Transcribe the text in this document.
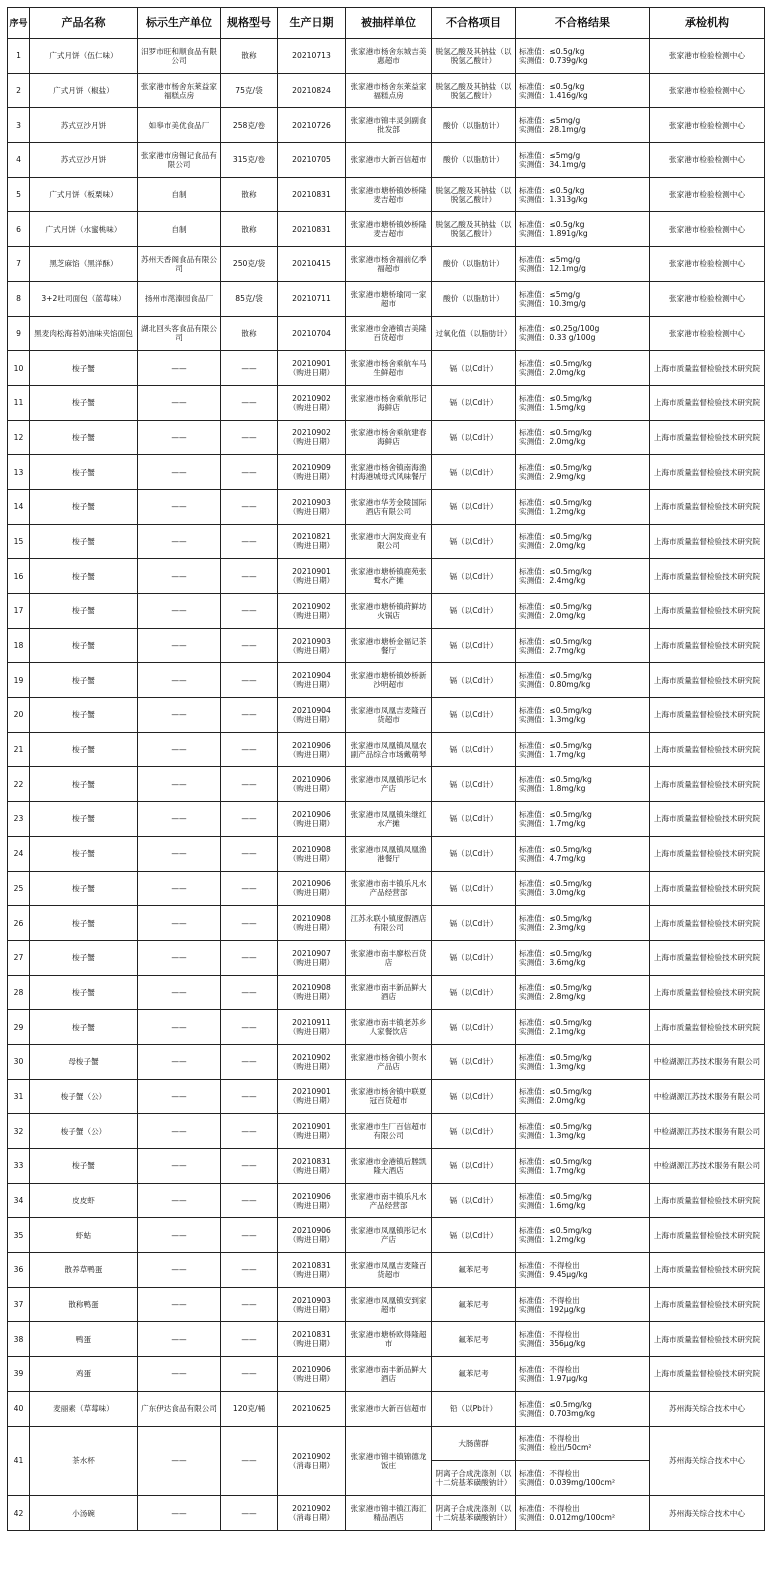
序号	产品名称	标示生产单位	规格型号	生产日期	被抽样单位	不合格项目	不合格结果	承检机构
1	广式月饼（伍仁味）	汨罗市旺和顺食品有限公司	散称	20210713	张家港市杨舍东城吉美惠超市	脱氢乙酸及其钠盐（以脱氢乙酸计）	标准值：≤0.5g/kg
实测值：0.739g/kg	张家港市检验检测中心
2	广式月饼（椒盐）	张家港市杨舍东莱益家福糕点房	75克/袋	20210824	张家港市杨舍东莱益家福糕点房	脱氢乙酸及其钠盐（以脱氢乙酸计）	标准值：≤0.5g/kg
实测值：1.416g/kg	张家港市检验检测中心
3	苏式豆沙月饼	如皋市美优食品厂	258克/卷	20210726	张家港市锦丰灵剑副食批发部	酸价（以脂肪计）	标准值：≤5mg/g
实测值：28.1mg/g	张家港市检验检测中心
4	苏式豆沙月饼	张家港市房锡记食品有限公司	315克/卷	20210705	张家港市大新百信超市	酸价（以脂肪计）	标准值：≤5mg/g
实测值：34.1mg/g	张家港市检验检测中心
5	广式月饼（板栗味）	自制	散称	20210831	张家港市塘桥镇妙桥隆麦吉超市	脱氢乙酸及其钠盐（以脱氢乙酸计）	标准值：≤0.5g/kg
实测值：1.313g/kg	张家港市检验检测中心
6	广式月饼（水蜜桃味）	自制	散称	20210831	张家港市塘桥镇妙桥隆麦吉超市	脱氢乙酸及其钠盐（以脱氢乙酸计）	标准值：≤0.5g/kg
实测值：1.891g/kg	张家港市检验检测中心
7	黑芝麻馅（黑洋酥）	苏州天香阁食品有限公司	250克/袋	20210415	张家港市杨舍福前亿季福超市	酸价（以脂肪计）	标准值：≤5mg/g
实测值：12.1mg/g	张家港市检验检测中心
8	3+2吐司面包（蓝莓味）	扬州市滗溱园食品厂	85克/袋	20210711	张家港市塘桥瑜同一家超市	酸价（以脂肪计）	标准值：≤5mg/g
实测值：10.3mg/g	张家港市检验检测中心
9	黑麦肉松海苔奶油味夹馅面包	湖北回头客食品有限公司	散称	20210704	张家港市金港镇吉美隆百货超市	过氧化值（以脂肪计）	标准值：≤0.25g/100g
实测值：0.33 g/100g	张家港市检验检测中心
10	梭子蟹	——	——	20210901
（购进日期）	张家港市杨舍乘航车马生鲜超市	镉（以Cd计）	标准值：≤0.5mg/kg
实测值：2.0mg/kg	上海市质量监督检验技术研究院
11	梭子蟹	——	——	20210902
（购进日期）	张家港市杨舍乘航彤记海鲜店	镉（以Cd计）	标准值：≤0.5mg/kg
实测值：1.5mg/kg	上海市质量监督检验技术研究院
12	梭子蟹	——	——	20210902
（购进日期）	张家港市杨舍乘航建春海鲜店	镉（以Cd计）	标准值：≤0.5mg/kg
实测值：2.0mg/kg	上海市质量监督检验技术研究院
13	梭子蟹	——	——	20210909
（购进日期）	张家港市杨舍镇南海渔村海港城母式风味餐厅	镉（以Cd计）	标准值：≤0.5mg/kg
实测值：2.9mg/kg	上海市质量监督检验技术研究院
14	梭子蟹	——	——	20210903
（购进日期）	张家港市华芳金陵国际酒店有限公司	镉（以Cd计）	标准值：≤0.5mg/kg
实测值：1.2mg/kg	上海市质量监督检验技术研究院
15	梭子蟹	——	——	20210821
（购进日期）	张家港市大润发商业有限公司	镉（以Cd计）	标准值：≤0.5mg/kg
实测值：2.0mg/kg	上海市质量监督检验技术研究院
16	梭子蟹	——	——	20210901
（购进日期）	张家港市塘桥镇鹿苑张鹜水产摊	镉（以Cd计）	标准值：≤0.5mg/kg
实测值：2.4mg/kg	上海市质量监督检验技术研究院
17	梭子蟹	——	——	20210902
（购进日期）	张家港市塘桥镇莳鲜坊火锅店	镉（以Cd计）	标准值：≤0.5mg/kg
实测值：2.0mg/kg	上海市质量监督检验技术研究院
18	梭子蟹	——	——	20210903
（购进日期）	张家港市塘桥金福记茶餐厅	镉（以Cd计）	标准值：≤0.5mg/kg
实测值：2.7mg/kg	上海市质量监督检验技术研究院
19	梭子蟹	——	——	20210904
（购进日期）	张家港市塘桥镇妙桥新沙明超市	镉（以Cd计）	标准值：≤0.5mg/kg
实测值：0.80mg/kg	上海市质量监督检验技术研究院
20	梭子蟹	——	——	20210904
（购进日期）	张家港市凤凰吉麦隆百货超市	镉（以Cd计）	标准值：≤0.5mg/kg
实测值：1.3mg/kg	上海市质量监督检验技术研究院
21	梭子蟹	——	——	20210906
（购进日期）	张家港市凤凰镇凤凰农副产品综合市场戴萌琴	镉（以Cd计）	标准值：≤0.5mg/kg
实测值：1.7mg/kg	上海市质量监督检验技术研究院
22	梭子蟹	——	——	20210906
（购进日期）	张家港市凤凰镇彤记水产店	镉（以Cd计）	标准值：≤0.5mg/kg
实测值：1.8mg/kg	上海市质量监督检验技术研究院
23	梭子蟹	——	——	20210906
（购进日期）	张家港市凤凰镇朱继红水产摊	镉（以Cd计）	标准值：≤0.5mg/kg
实测值：1.7mg/kg	上海市质量监督检验技术研究院
24	梭子蟹	——	——	20210908
（购进日期）	张家港市凤凰镇凤凰渔港餐厅	镉（以Cd计）	标准值：≤0.5mg/kg
实测值：4.7mg/kg	上海市质量监督检验技术研究院
25	梭子蟹	——	——	20210906
（购进日期）	张家港市南丰镇乐凡水产品经营部	镉（以Cd计）	标准值：≤0.5mg/kg
实测值：3.0mg/kg	上海市质量监督检验技术研究院
26	梭子蟹	——	——	20210908
（购进日期）	江苏永联小镇度假酒店有限公司	镉（以Cd计）	标准值：≤0.5mg/kg
实测值：2.3mg/kg	上海市质量监督检验技术研究院
27	梭子蟹	——	——	20210907
（购进日期）	张家港市南丰廖松百货店	镉（以Cd计）	标准值：≤0.5mg/kg
实测值：3.6mg/kg	上海市质量监督检验技术研究院
28	梭子蟹	——	——	20210908
（购进日期）	张家港市南丰新品鲜大酒店	镉（以Cd计）	标准值：≤0.5mg/kg
实测值：2.8mg/kg	上海市质量监督检验技术研究院
29	梭子蟹	——	——	20210911
（购进日期）	张家港市南丰镇老苏乡人家餐饮店	镉（以Cd计）	标准值：≤0.5mg/kg
实测值：2.1mg/kg	上海市质量监督检验技术研究院
30	母梭子蟹	——	——	20210902
（购进日期）	张家港市杨舍镇小贺水产品店	镉（以Cd计）	标准值：≤0.5mg/kg
实测值：1.3mg/kg	中检湖源江苏技术服务有限公司
31	梭子蟹（公）	——	——	20210901
（购进日期）	张家港市杨舍镇中联夏冠百货超市	镉（以Cd计）	标准值：≤0.5mg/kg
实测值：2.0mg/kg	中检湖源江苏技术服务有限公司
32	梭子蟹（公）	——	——	20210901
（购进日期）	张家港市生厂百信超市有限公司	镉（以Cd计）	标准值：≤0.5mg/kg
实测值：1.3mg/kg	中检湖源江苏技术服务有限公司
33	梭子蟹	——	——	20210831
（购进日期）	张家港市金港镇后塍凯隆大酒店	镉（以Cd计）	标准值：≤0.5mg/kg
实测值：1.7mg/kg	中检湖源江苏技术服务有限公司
34	皮皮虾	——	——	20210906
（购进日期）	张家港市南丰镇乐凡水产品经营部	镉（以Cd计）	标准值：≤0.5mg/kg
实测值：1.6mg/kg	上海市质量监督检验技术研究院
35	虾蛄	——	——	20210906
（购进日期）	张家港市凤凰镇彤记水产店	镉（以Cd计）	标准值：≤0.5mg/kg
实测值：1.2mg/kg	上海市质量监督检验技术研究院
36	散养草鸭蛋	——	——	20210831
（购进日期）	张家港市凤凰吉麦隆百货超市	氟苯尼考	标准值：不得检出
实测值：9.45μg/kg	上海市质量监督检验技术研究院
37	散称鸭蛋	——	——	20210903
（购进日期）	张家港市凤凰镇安到家超市	氟苯尼考	标准值：不得检出
实测值：192μg/kg	上海市质量监督检验技术研究院
38	鸭蛋	——	——	20210831
（购进日期）	张家港市塘桥欧得隆超市	氟苯尼考	标准值：不得检出
实测值：356μg/kg	上海市质量监督检验技术研究院
39	鸡蛋	——	——	20210906
（购进日期）	张家港市南丰新品鲜大酒店	氟苯尼考	标准值：不得检出
实测值：1.97μg/kg	上海市质量监督检验技术研究院
40	麦丽素（草莓味）	广东伊达食品有限公司	120克/桶	20210625	张家港市大新百信超市	铅（以Pb计）	标准值：≤0.5mg/kg
实测值：0.703mg/kg	苏州海关综合技术中心
41	茶水杯	——	——	20210902
（消毒日期）	张家港市锦丰镇锦德龙饭庄	大肠菌群	标准值：不得检出
实测值：检出/50cm²	苏州海关综合技术中心
						阴离子合成洗涤剂（以十二烷基苯磺酸钠计）	标准值：不得检出
实测值：0.039mg/100cm²	
42	小汤碗	——	——	20210902
（消毒日期）	张家港市锦丰镇江海汇精品酒店	阴离子合成洗涤剂（以十二烷基苯磺酸钠计）	标准值：不得检出
实测值：0.012mg/100cm²	苏州海关综合技术中心
